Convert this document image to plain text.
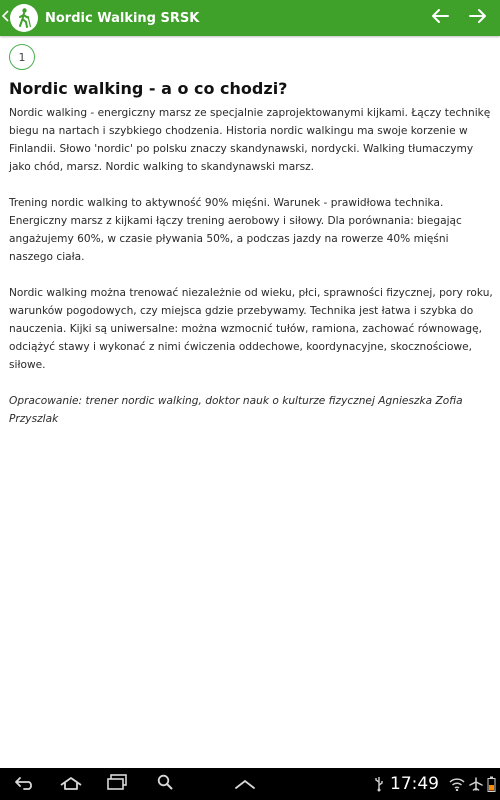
Nordic Walking SRSK
1
Nordic walking - a o co chodzi?

Nordic walking - energiczny marsz ze specjalnie zaprojektowanymi kijkami. Łączy technikę biegu na nartach i szybkiego chodzenia. Historia nordic walkingu ma swoje korzenie w Finlandii. Słowo 'nordic' po polsku znaczy skandynawski, nordycki. Walking tłumaczymy jako chód, marsz. Nordic walking to skandynawski marsz.

Trening nordic walking to aktywność 90% mięśni. Warunek - prawidłowa technika. Energiczny marsz z kijkami łączy trening aerobowy i siłowy. Dla porównania: biegając angażujemy 60%, w czasie pływania 50%, a podczas jazdy na rowerze 40% mięśni naszego ciała.

Nordic walking można trenować niezależnie od wieku, płci, sprawności fizycznej, pory roku, warunków pogodowych, czy miejsca gdzie przebywamy. Technika jest łatwa i szybka do nauczenia. Kijki są uniwersalne: można wzmocnić tułów, ramiona, zachować równowagę, odciążyć stawy i wykonać z nimi ćwiczenia oddechowe, koordynacyjne, skocznościowe, siłowe.

Opracowanie: trener nordic walking, doktor nauk o kulturze fizycznej Agnieszka Zofia Przyszlak

17:49
